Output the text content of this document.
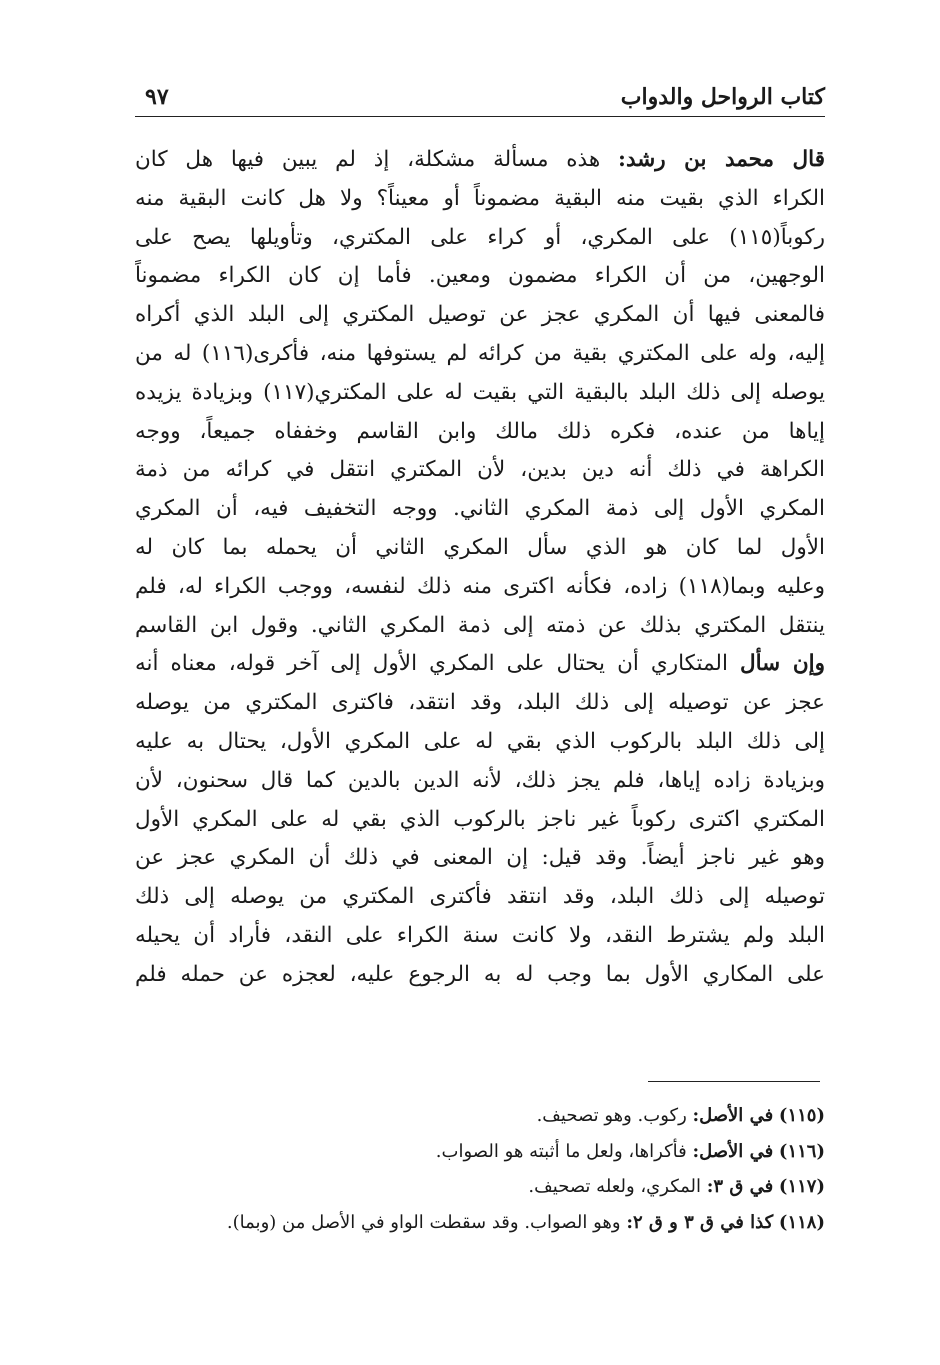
كتاب الرواحل والدواب
٩٧
قال محمد بن رشد: هذه مسألة مشكلة، إذ لم يبين فيها هل كان
الكراء الذي بقيت منه البقية مضموناً أو معيناً؟ ولا هل كانت البقية منه
ركوباً(١١٥) على المكري، أو كراء على المكتري، وتأويلها يصح على
الوجهين، من أن الكراء مضمون ومعين. فأما إن كان الكراء مضموناً
فالمعنى فيها أن المكري عجز عن توصيل المكتري إلى البلد الذي أكراه
إليه، وله على المكتري بقية من كرائه لم يستوفها منه، فأكرى(١١٦) له من
يوصله إلى ذلك البلد بالبقية التي بقيت له على المكتري(١١٧) وبزيادة يزيده
إياها من عنده، فكره ذلك مالك وابن القاسم وخففاه جميعاً، ووجه
الكراهة في ذلك أنه دين بدين، لأن المكتري انتقل في كرائه من ذمة
المكري الأول إلى ذمة المكري الثاني. ووجه التخفيف فيه، أن المكري
الأول لما كان هو الذي سأل المكري الثاني أن يحمله بما كان له
وعليه وبما(١١٨) زاده، فكأنه اكترى منه ذلك لنفسه، ووجب الكراء له، فلم
ينتقل المكتري بذلك عن ذمته إلى ذمة المكري الثاني. وقول ابن القاسم
وإن سأل المتكاري أن يحتال على المكري الأول إلى آخر قوله، معناه أنه
عجز عن توصيله إلى ذلك البلد، وقد انتقد، فاكترى المكتري من يوصله
إلى ذلك البلد بالركوب الذي بقي له على المكري الأول، يحتال به عليه
وبزيادة زاده إياها، فلم يجز ذلك، لأنه الدين بالدين كما قال سحنون، لأن
المكتري اكترى ركوباً غير ناجز بالركوب الذي بقي له على المكري الأول
وهو غير ناجز أيضاً. وقد قيل: إن المعنى في ذلك أن المكري عجز عن
توصيله إلى ذلك البلد، وقد انتقد فأكترى المكتري من يوصله إلى ذلك
البلد ولم يشترط النقد، ولا كانت سنة الكراء على النقد، فأراد أن يحيله
على المكاري الأول بما وجب له به الرجوع عليه، لعجزه عن حمله فلم
(١١٥) في الأصل: ركوب. وهو تصحيف.
(١١٦) في الأصل: فأكراها، ولعل ما أثبته هو الصواب.
(١١٧) في ق ٣: المكري، ولعله تصحيف.
(١١٨) كذا في ق ٣ و ق ٢: وهو الصواب. وقد سقطت الواو في الأصل من (وبما).
